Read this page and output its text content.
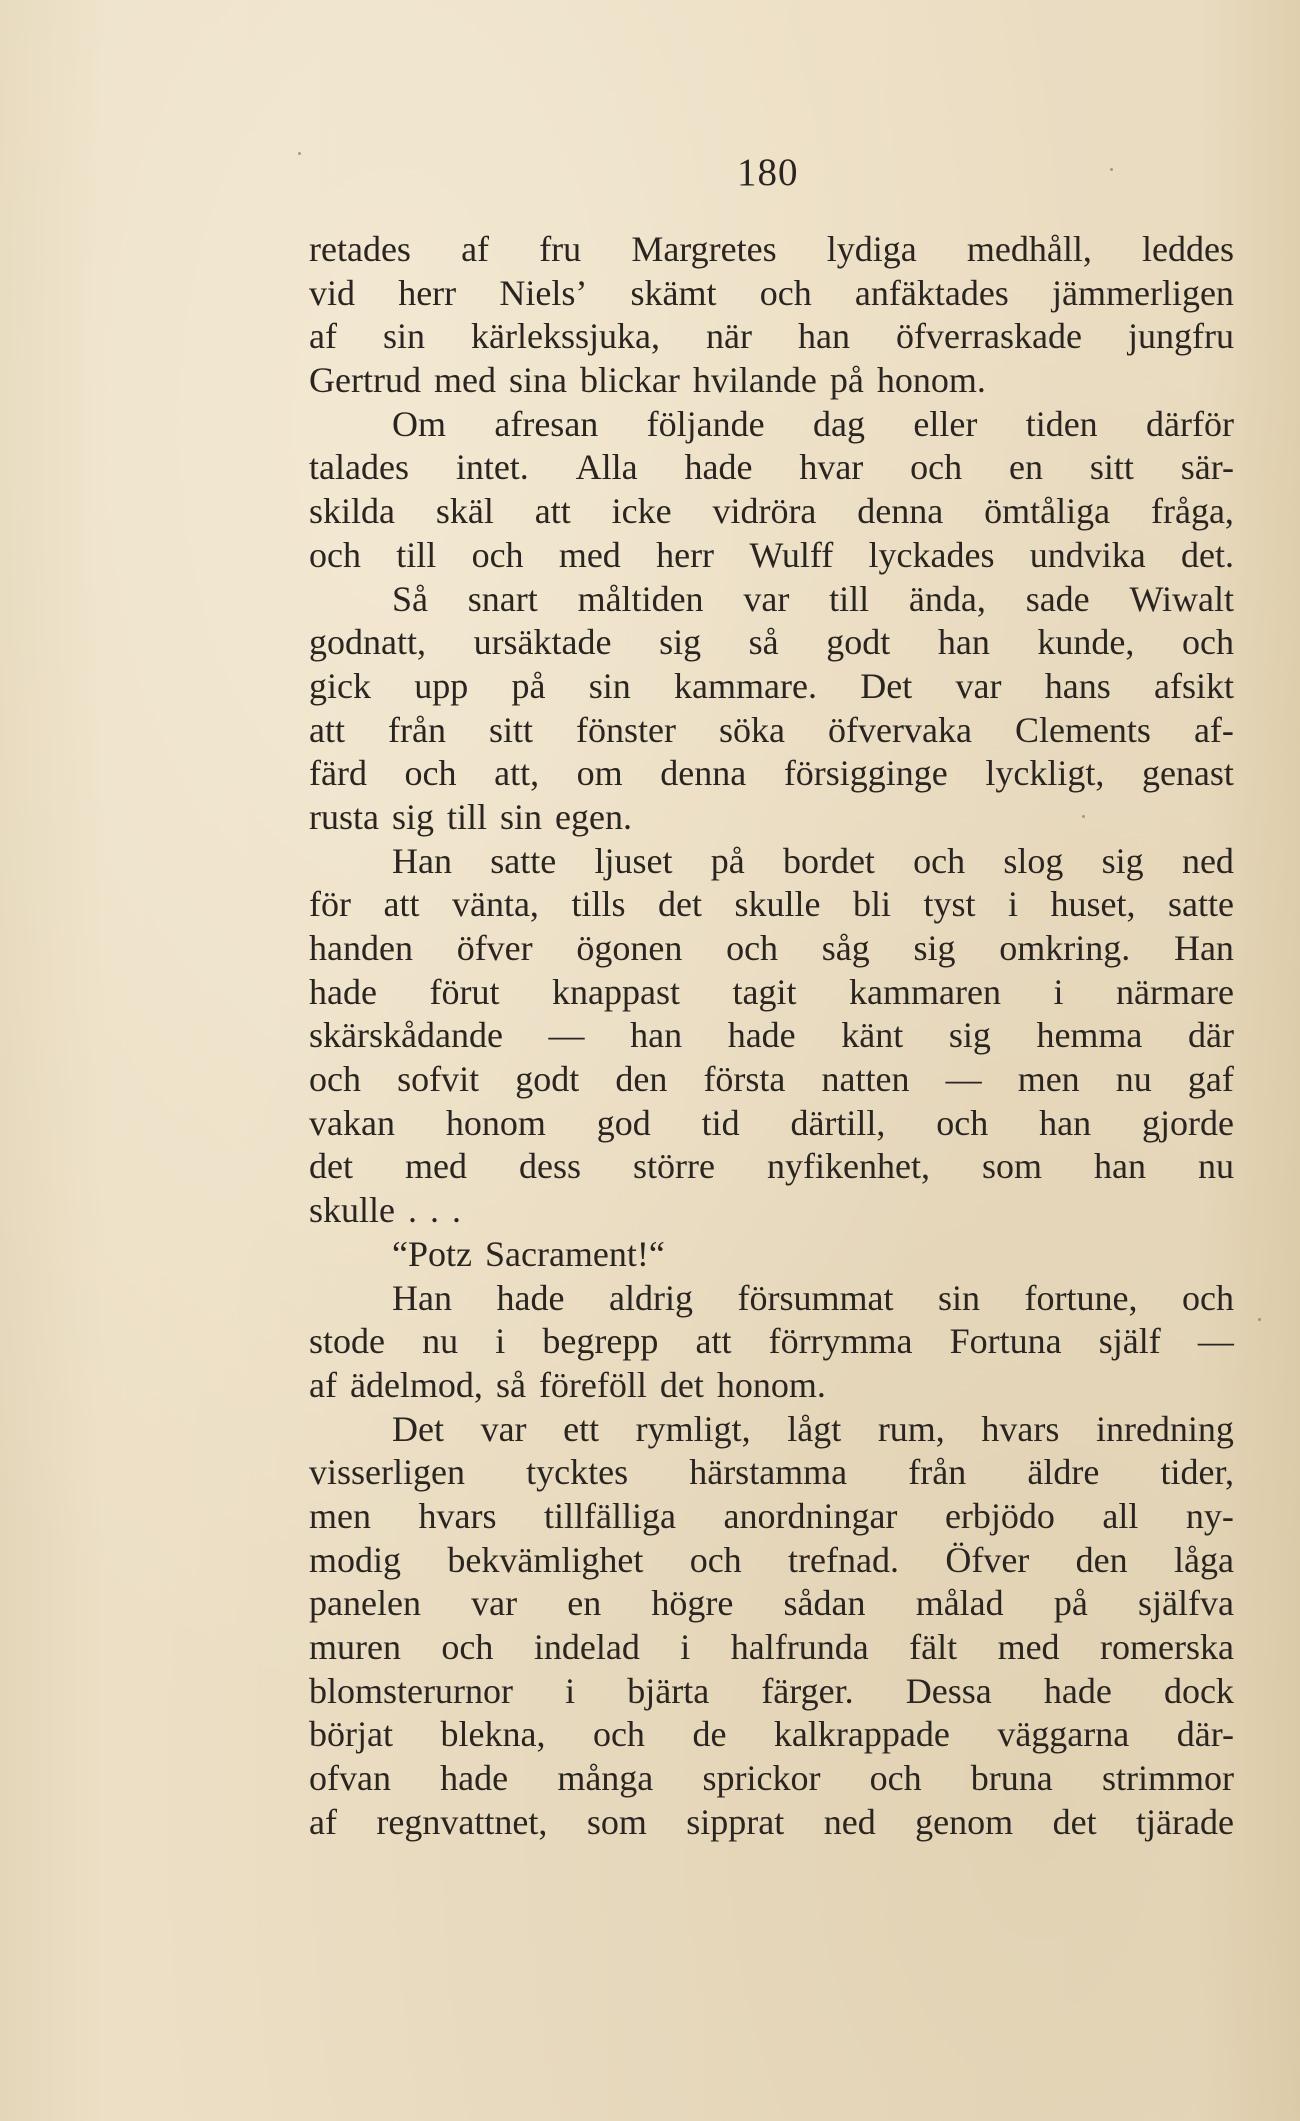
180
retades af fru Margretes lydiga medhåll, leddes
vid herr Niels’ skämt och anfäktades jämmerligen
af sin kärlekssjuka, när han öfverraskade jungfru
Gertrud med sina blickar hvilande på honom.
Om afresan följande dag eller tiden därför
talades intet. Alla hade hvar och en sitt sär-
skilda skäl att icke vidröra denna ömtåliga fråga,
och till och med herr Wulff lyckades undvika det.
Så snart måltiden var till ända, sade Wiwalt
godnatt, ursäktade sig så godt han kunde, och
gick upp på sin kammare. Det var hans afsikt
att från sitt fönster söka öfvervaka Clements af-
färd och att, om denna försigginge lyckligt, genast
rusta sig till sin egen.
Han satte ljuset på bordet och slog sig ned
för att vänta, tills det skulle bli tyst i huset, satte
handen öfver ögonen och såg sig omkring. Han
hade förut knappast tagit kammaren i närmare
skärskådande — han hade känt sig hemma där
och sofvit godt den första natten — men nu gaf
vakan honom god tid därtill, och han gjorde
det med dess större nyfikenhet, som han nu
skulle . . .
“Potz Sacrament!“
Han hade aldrig försummat sin fortune, och
stode nu i begrepp att förrymma Fortuna själf —
af ädelmod, så föreföll det honom.
Det var ett rymligt, lågt rum, hvars inredning
visserligen tycktes härstamma från äldre tider,
men hvars tillfälliga anordningar erbjödo all ny-
modig bekvämlighet och trefnad. Öfver den låga
panelen var en högre sådan målad på själfva
muren och indelad i halfrunda fält med romerska
blomsterurnor i bjärta färger. Dessa hade dock
börjat blekna, och de kalkrappade väggarna där-
ofvan hade många sprickor och bruna strimmor
af regnvattnet, som sipprat ned genom det tjärade
